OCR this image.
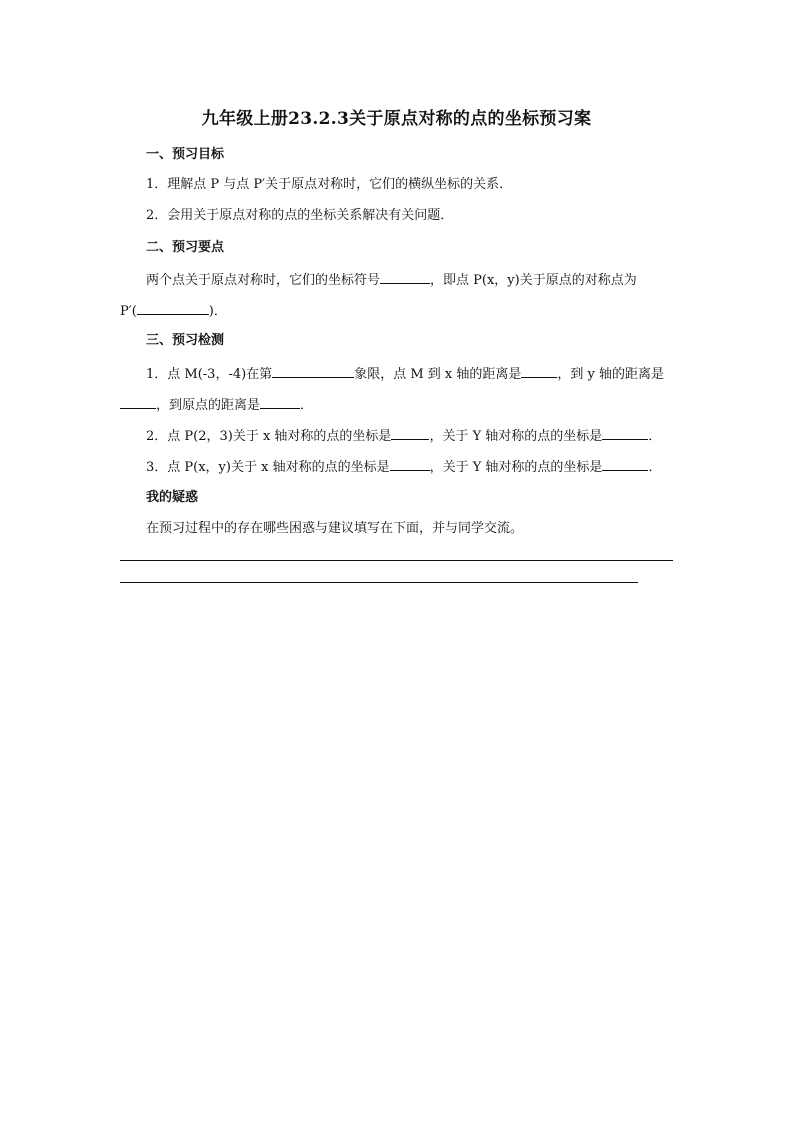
九年级上册23.2.3关于原点对称的点的坐标预习案
一、预习目标
1．理解点 P 与点 P′关于原点对称时，它们的横纵坐标的关系．
2．会用关于原点对称的点的坐标关系解决有关问题．
二、预习要点
两个点关于原点对称时，它们的坐标符号	，即点 P(x，y)关于原点的对称点为
P′(	)．
三、预习检测
1．点 M(-3，-4)在第	象限，点 M 到 x 轴的距离是	，到 y 轴的距离是
，到原点的距离是	．
2．点 P(2，3)关于 x 轴对称的点的坐标是	，关于 Y 轴对称的点的坐标是	．
3．点 P(x，y)关于 x 轴对称的点的坐标是	，关于 Y 轴对称的点的坐标是	．
我的疑惑
在预习过程中的存在哪些困惑与建议填写在下面，并与同学交流。
